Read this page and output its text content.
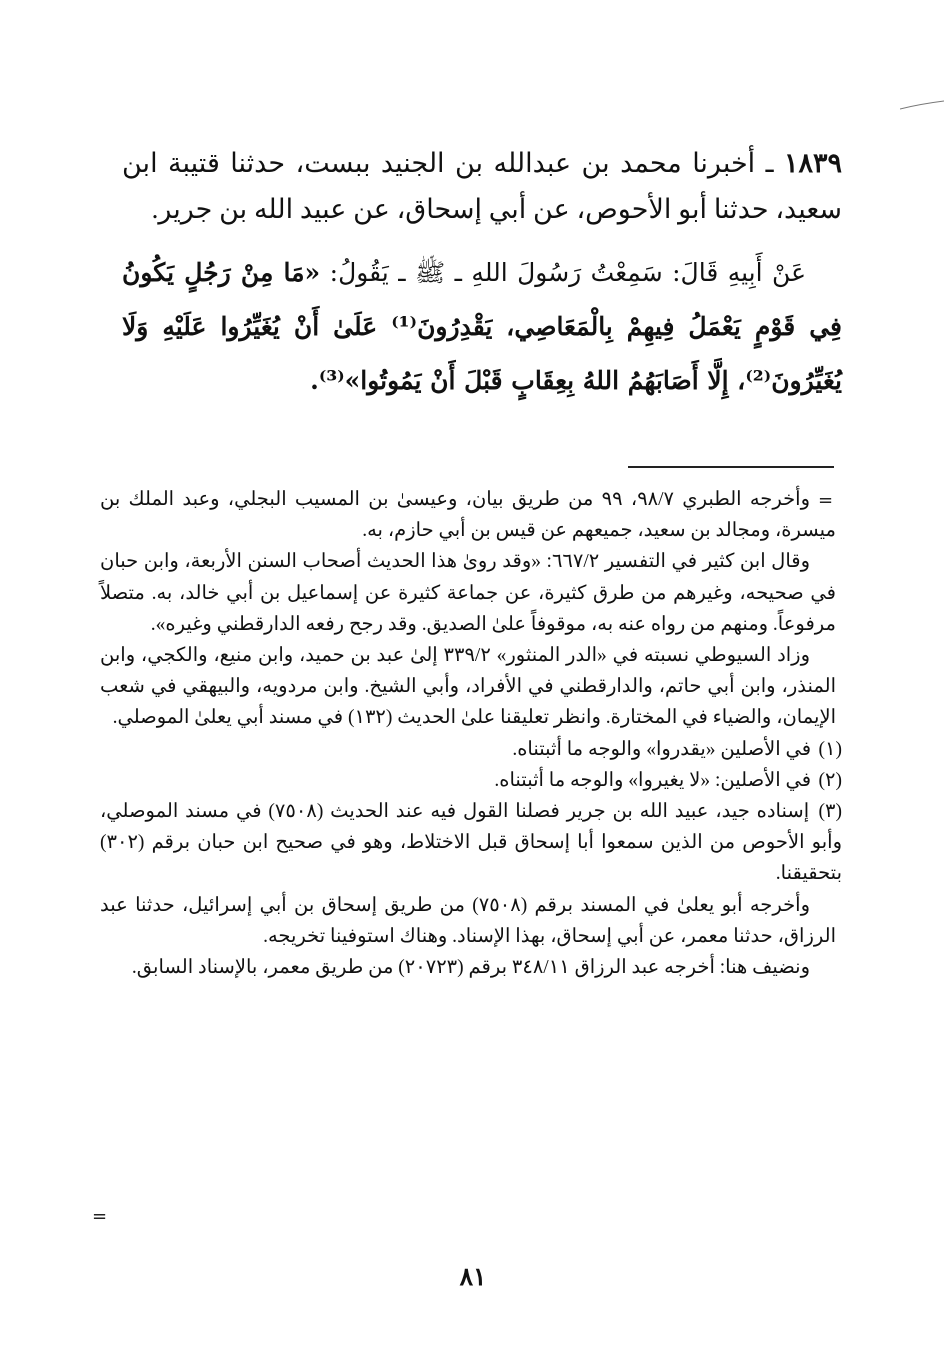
١٨٣٩ ـ أخبرنا محمد بن عبدالله بن الجنيد ببست، حدثنا قتيبة ابن سعيد، حدثنا أبو الأحوص، عن أبي إسحاق، عن عبيد الله بن جرير.

عَنْ أَبِيهِ قَالَ: سَمِعْتُ رَسُولَ اللهِ ـ ﷺ ـ يَقُولُ: «مَا مِنْ رَجُلٍ يَكُونُ فِي قَوْمٍ يَعْمَلُ فِيهِمْ بِالْمَعَاصِي، يَقْدِرُونَ⁽¹⁾ عَلَىٰ أَنْ يُغَيِّرُوا عَلَيْهِ وَلَا يُغَيِّرُونَ⁽²⁾، إِلَّا أَصَابَهُمُ اللهُ بِعِقَابٍ قَبْلَ أَنْ يَمُوتُوا»⁽³⁾.

=

وأخرجه الطبري ٩٨/٧، ٩٩ من طريق بيان، وعيسىٰ بن المسيب البجلي، وعبد الملك بن ميسرة، ومجالد بن سعيد، جميعهم عن قيس بن أبي حازم، به.

وقال ابن كثير في التفسير ٦٦٧/٢: «وقد روىٰ هذا الحديث أصحاب السنن الأربعة، وابن حبان في صحيحه، وغيرهم من طرق كثيرة، عن جماعة كثيرة عن إسماعيل بن أبي خالد، به. متصلاً مرفوعاً. ومنهم من رواه عنه به، موقوفاً علىٰ الصديق. وقد رجح رفعه الدارقطني وغيره».

وزاد السيوطي نسبته في «الدر المنثور» ٣٣٩/٢ إلىٰ عبد بن حميد، وابن منيع، والكجي، وابن المنذر، وابن أبي حاتم، والدارقطني في الأفراد، وأبي الشيخ. وابن مردويه، والبيهقي في شعب الإيمان، والضياء في المختارة. وانظر تعليقنا علىٰ الحديث (١٣٢) في مسند أبي يعلىٰ الموصلي.

(١) في الأصلين «يقدروا» والوجه ما أثبتناه.

(٢) في الأصلين: «لا يغيروا» والوجه ما أثبتناه.

(٣) إسناده جيد، عبيد الله بن جرير فصلنا القول فيه عند الحديث (٧٥٠٨) في مسند الموصلي، وأبو الأحوص من الذين سمعوا أبا إسحاق قبل الاختلاط، وهو في صحيح ابن حبان برقم (٣٠٢) بتحقيقنا.

وأخرجه أبو يعلىٰ في المسند برقم (٧٥٠٨) من طريق إسحاق بن أبي إسرائيل، حدثنا عبد الرزاق، حدثنا معمر، عن أبي إسحاق، بهذا الإسناد. وهناك استوفينا تخريجه.

ونضيف هنا: أخرجه عبد الرزاق ٣٤٨/١١ برقم (٢٠٧٢٣) من طريق معمر، بالإسناد السابق.

=
٨١
